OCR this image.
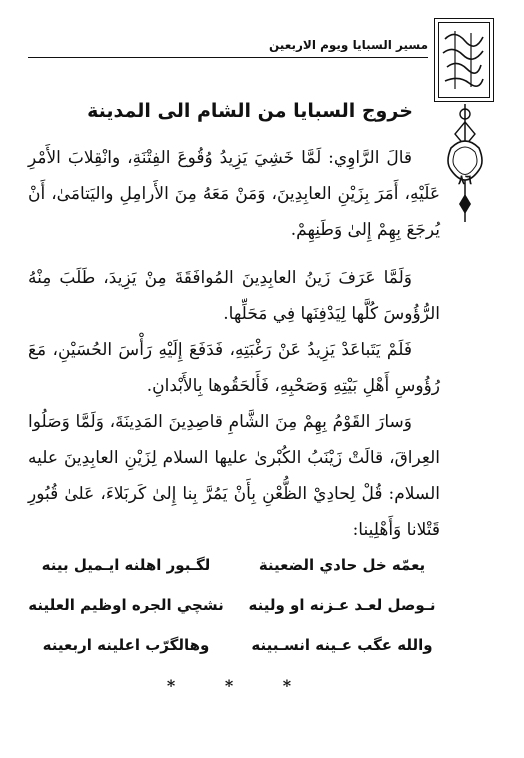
مسير السبايا ويوم الاربعين
٨٦
خروج السبايا من الشام الى المدينة
قالَ الرَّاوِي: لَمَّا خَشِيَ يَزِيدُ وُقُوعَ الفِتْنَةِ، وانْقِلابَ الأَمْرِ عَلَيْهِ، أَمَرَ بِزَيْنِ العابِدِينَ، وَمَنْ مَعَهُ مِنَ الأَرامِلِ واليَتامَىٰ، أَنْ يُرجَعَ بِهِمْ إِلىٰ وَطَنِهِمْ.
وَلَمَّا عَرَفَ زَينُ العابِدِينَ المُوافَقَةَ مِنْ يَزِيدَ، طَلَبَ مِنْهُ الرُّؤُوسَ كُلَّها لِيَدْفِنَها فِي مَحَلِّها.
فَلَمْ يَتَباعَدْ يَزِيدُ عَنْ رَغْبَتِهِ، فَدَفَعَ إِلَيْهِ رَأْسَ الحُسَيْنِ، مَعَ رُؤُوسِ أَهْلِ بَيْتِهِ وَصَحْبِهِ، فَأَلحَقُوها بِالأَبْدانِ.
وَسارَ القَوْمُ بِهِمْ مِنَ الشَّامِ قاصِدِينَ المَدِينَةَ، وَلَمَّا وَصَلُوا العِراقَ، قالَتْ زَيْنَبُ الكُبْرىٰ عليها السلام لِزَيْنِ العابِدِينَ عليه السلام: قُلْ لِحادِيْ الظُّعْنِ بِأَنْ يَمُرَّ بِنا إِلىٰ كَربَلاءَ، عَلىٰ قُبُورِ قَتْلانا وَأَهْلِينا:
يعمّه خل حادي الضعينة
لگـبور اهلنه ايـميل بينه
نـوصل لعـد عـزنه او ولينه
نشچي الجره اوظيم العلينه
والله عگب عـينه انسـبينه
وهالگرّب اعلينه اربعينه
* * *
